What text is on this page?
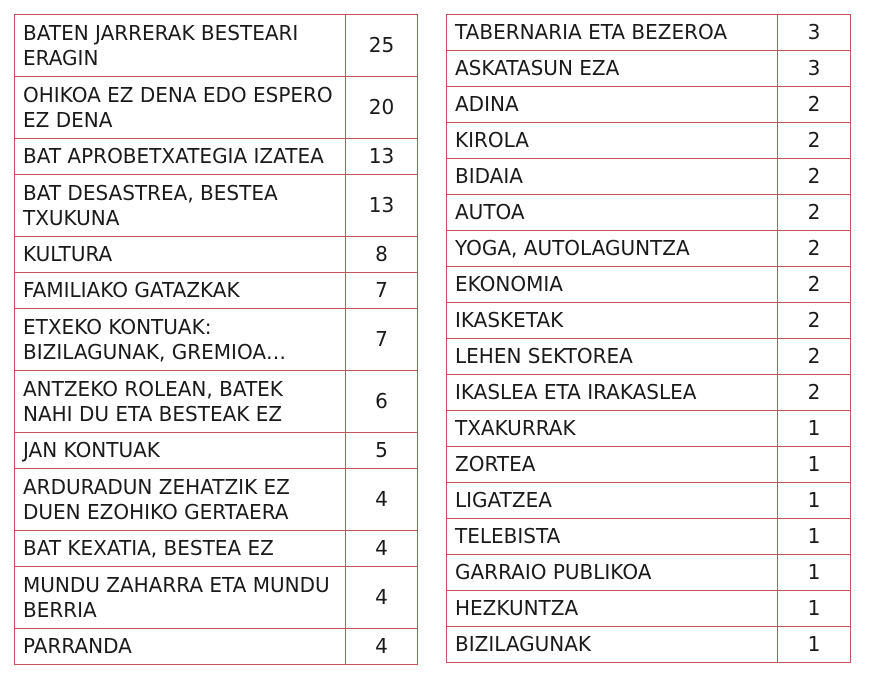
BATEN JARRERAK BESTEARI ERAGIN	25
OHIKOA EZ DENA EDO ESPERO EZ DENA	20
BAT APROBETXATEGIA IZATEA	13
BAT DESASTREA, BESTEA TXUKUNA	13
KULTURA	8
FAMILIAKO GATAZKAK	7
ETXEKO KONTUAK: BIZILAGUNAK, GREMIOA…	7
ANTZEKO ROLEAN, BATEK NAHI DU ETA BESTEAK EZ	6
JAN KONTUAK	5
ARDURADUN ZEHATZIK EZ DUEN EZOHIKO GERTAERA	4
BAT KEXATIA, BESTEA EZ	4
MUNDU ZAHARRA ETA MUNDU BERRIA	4
PARRANDA	4
TABERNARIA ETA BEZEROA	3
ASKATASUN EZA	3
ADINA	2
KIROLA	2
BIDAIA	2
AUTOA	2
YOGA, AUTOLAGUNTZA	2
EKONOMIA	2
IKASKETAK	2
LEHEN SEKTOREA	2
IKASLEA ETA IRAKASLEA	2
TXAKURRAK	1
ZORTEA	1
LIGATZEA	1
TELEBISTA	1
GARRAIO PUBLIKOA	1
HEZKUNTZA	1
BIZILAGUNAK	1
